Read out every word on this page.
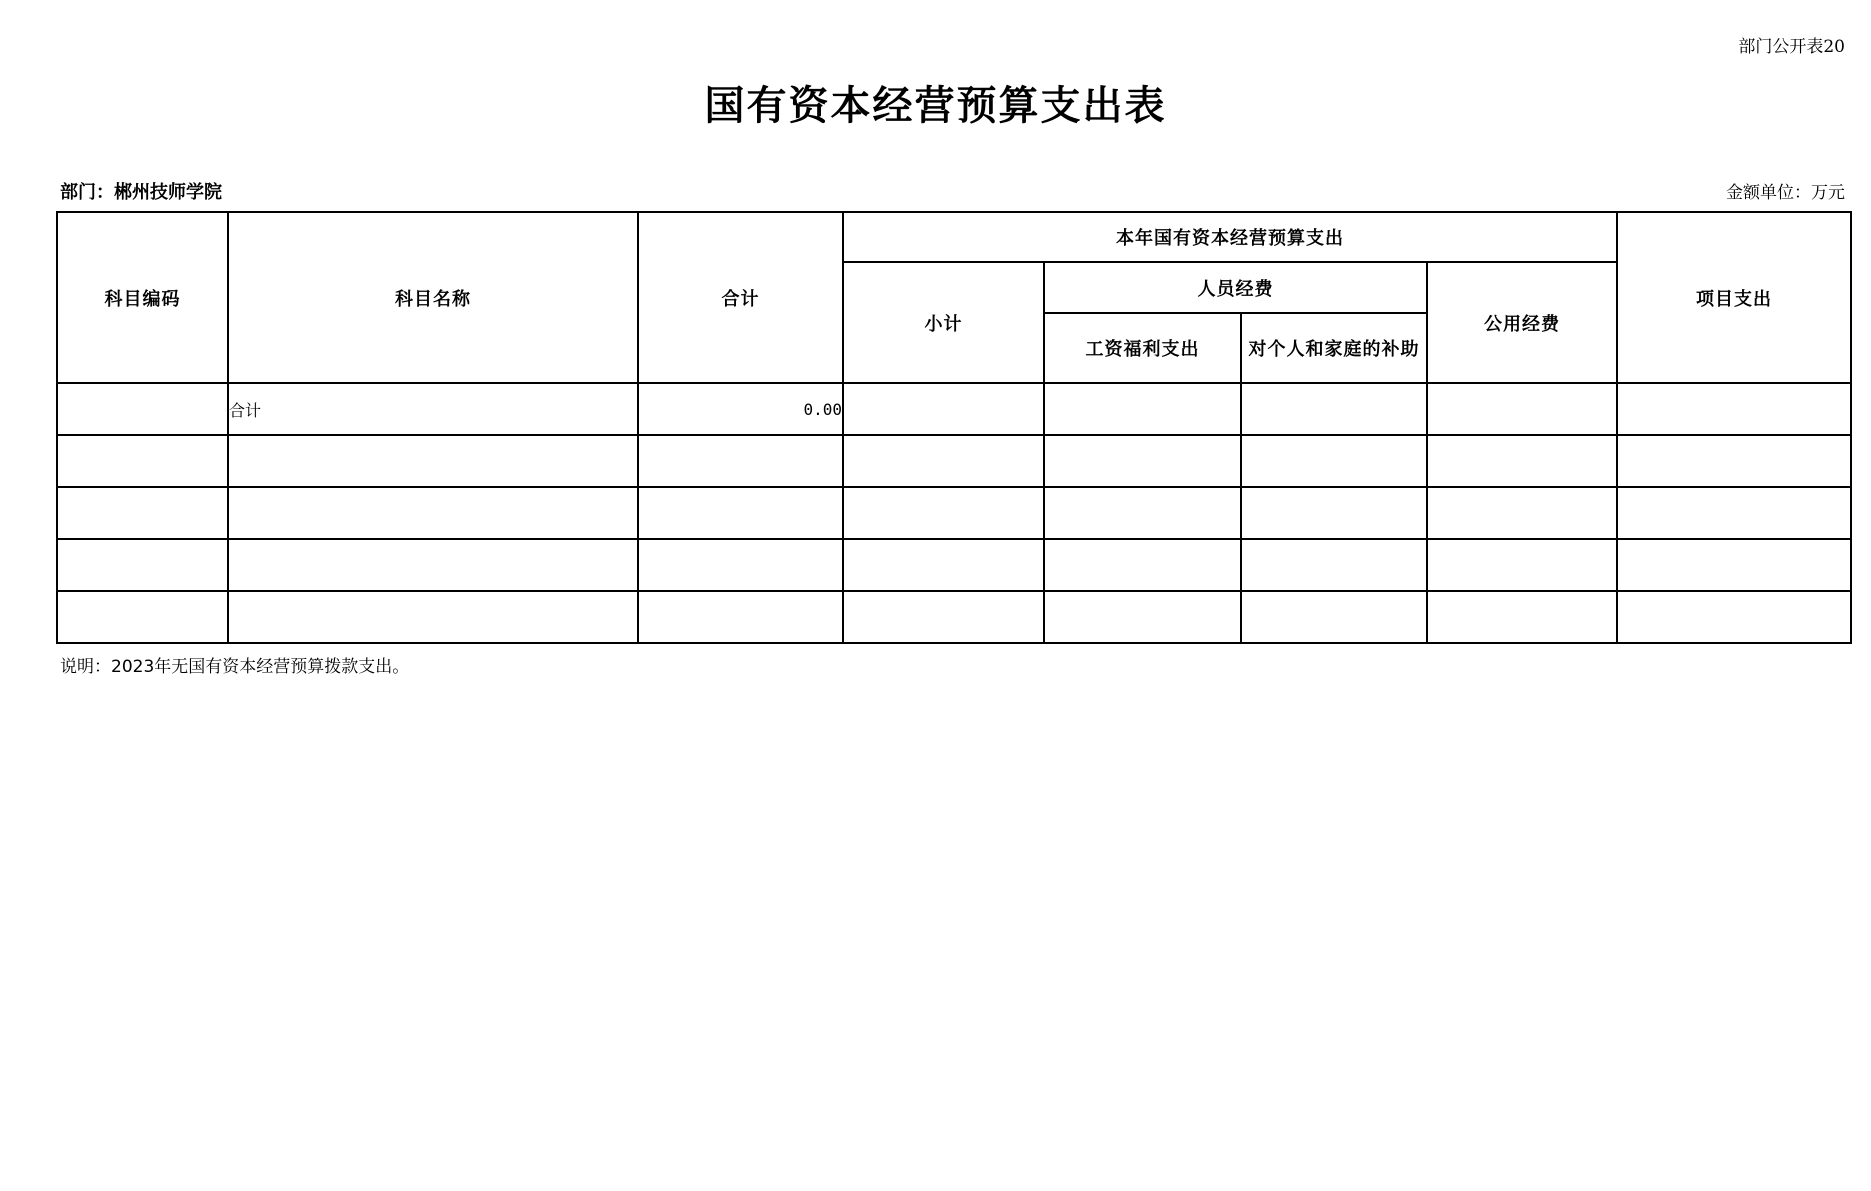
部门公开表20
国有资本经营预算支出表
部门：郴州技师学院	金额单位：万元
科目编码	科目名称	合计	本年国有资本经营预算支出				项目支出
			小计	人员经费		公用经费	
				工资福利支出	对个人和家庭的补助		
	合计	0.00					

说明：2023年无国有资本经营预算拨款支出。
